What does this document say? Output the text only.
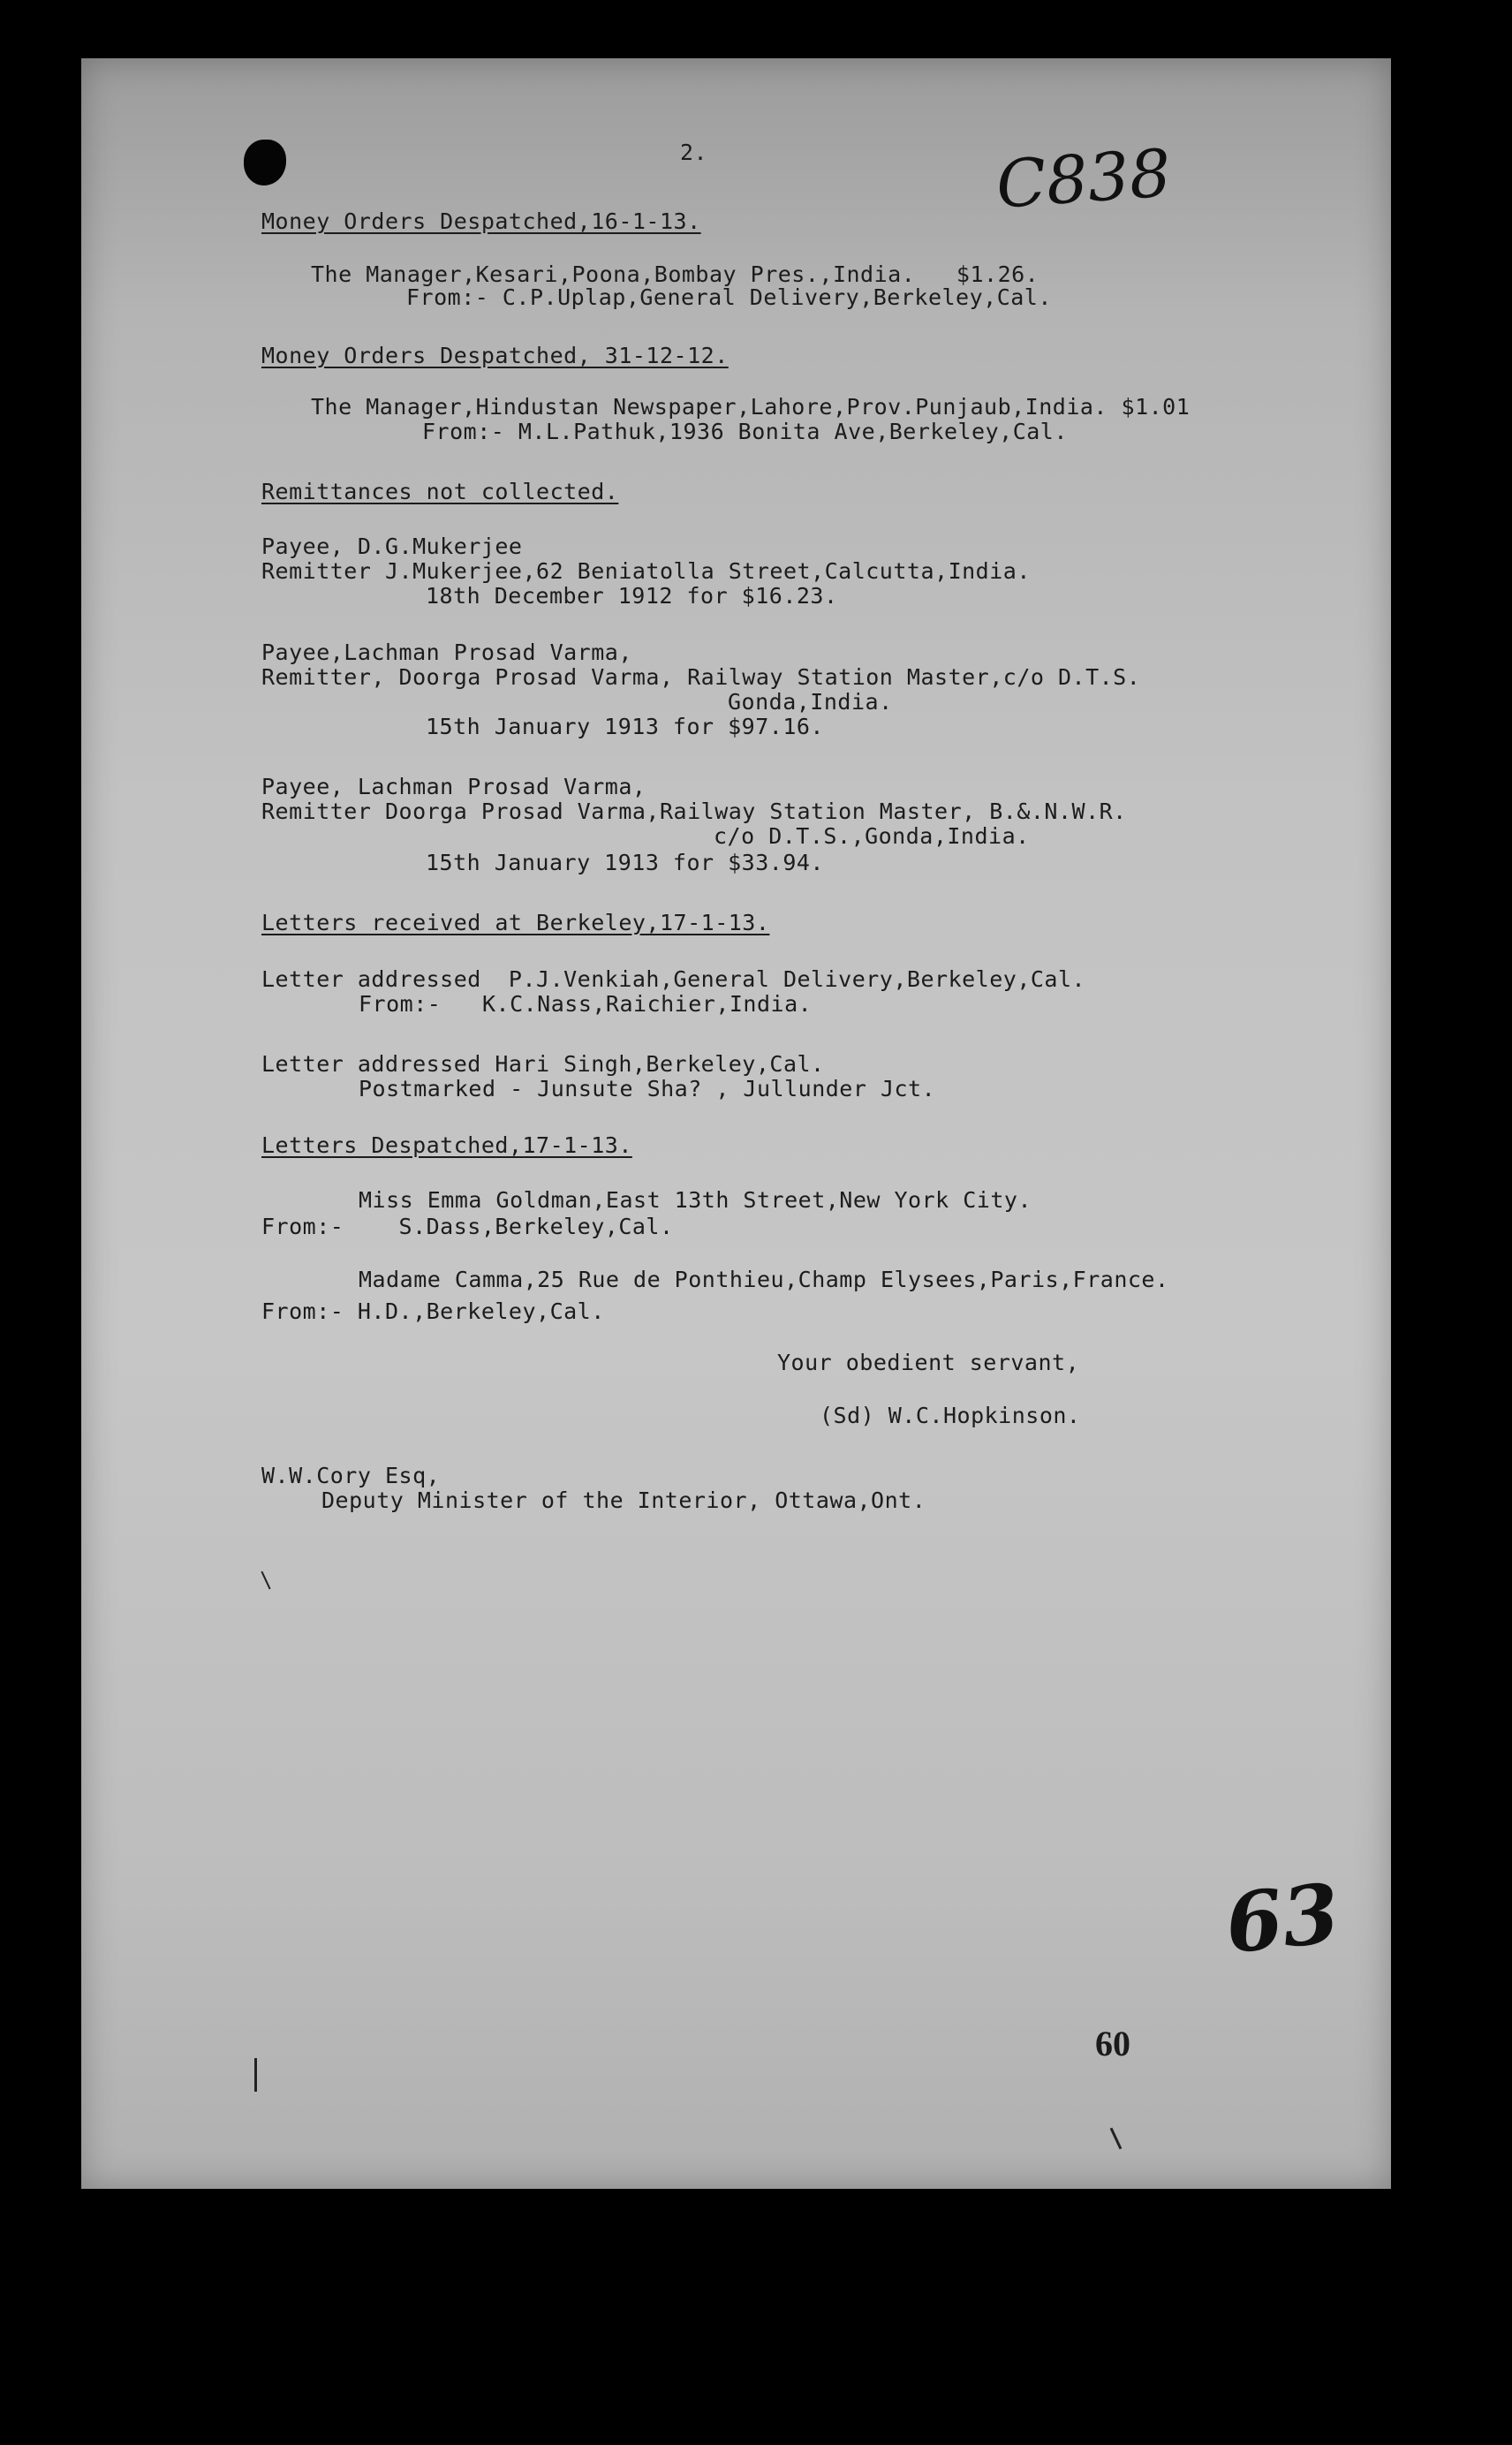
2.	C838
Money Orders Despatched,16-1-13.
The Manager,Kesari,Poona,Bombay Pres.,India.   $1.26.
From:- C.P.Uplap,General Delivery,Berkeley,Cal.
Money Orders Despatched, 31-12-12.
The Manager,Hindustan Newspaper,Lahore,Prov.Punjaub,India. $1.01
From:- M.L.Pathuk,1936 Bonita Ave,Berkeley,Cal.
Remittances not collected.
Payee, D.G.Mukerjee
Remitter J.Mukerjee,62 Beniatolla Street,Calcutta,India.
18th December 1912 for $16.23.
Payee,Lachman Prosad Varma,
Remitter, Doorga Prosad Varma, Railway Station Master,c/o D.T.S.
Gonda,India.
15th January 1913 for $97.16.
Payee, Lachman Prosad Varma,
Remitter Doorga Prosad Varma,Railway Station Master, B.&.N.W.R.
c/o D.T.S.,Gonda,India.
15th January 1913 for $33.94.
Letters received at Berkeley,17-1-13.
Letter addressed  P.J.Venkiah,General Delivery,Berkeley,Cal.
From:-   K.C.Nass,Raichier,India.
Letter addressed Hari Singh,Berkeley,Cal.
Postmarked - Junsute Sha? , Jullunder Jct.
Letters Despatched,17-1-13.
Miss Emma Goldman,East 13th Street,New York City.
From:-    S.Dass,Berkeley,Cal.
Madame Camma,25 Rue de Ponthieu,Champ Elysees,Paris,France.
From:- H.D.,Berkeley,Cal.
Your obedient servant,
(Sd) W.C.Hopkinson.
W.W.Cory Esq,
Deputy Minister of the Interior, Ottawa,Ont.
63
60
